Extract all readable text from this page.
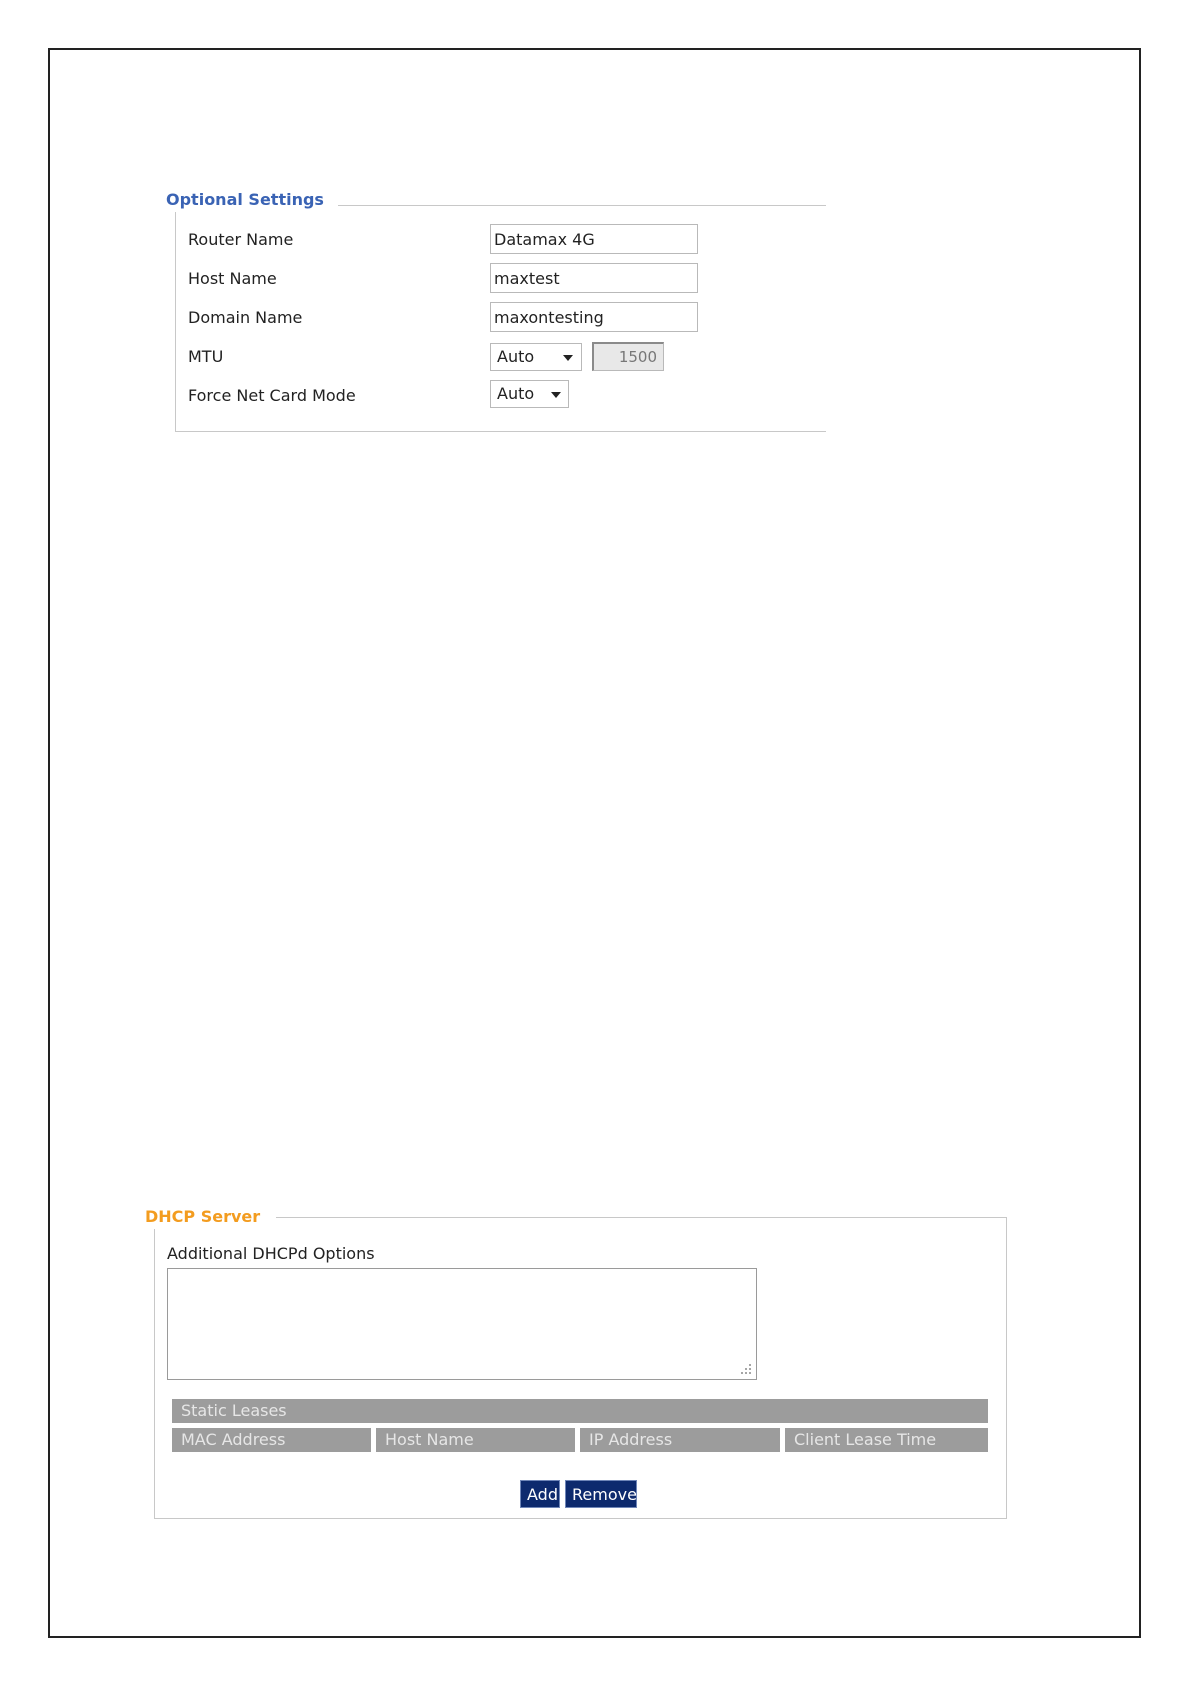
Optional Settings
Router Name	Datamax 4G
Host Name	maxtest
Domain Name	maxontesting
MTU	Auto	1500
Force Net Card Mode	Auto
DHCP Server
Additional DHCPd Options
Static Leases
MAC Address	Host Name	IP Address	Client Lease Time
Add Remove
